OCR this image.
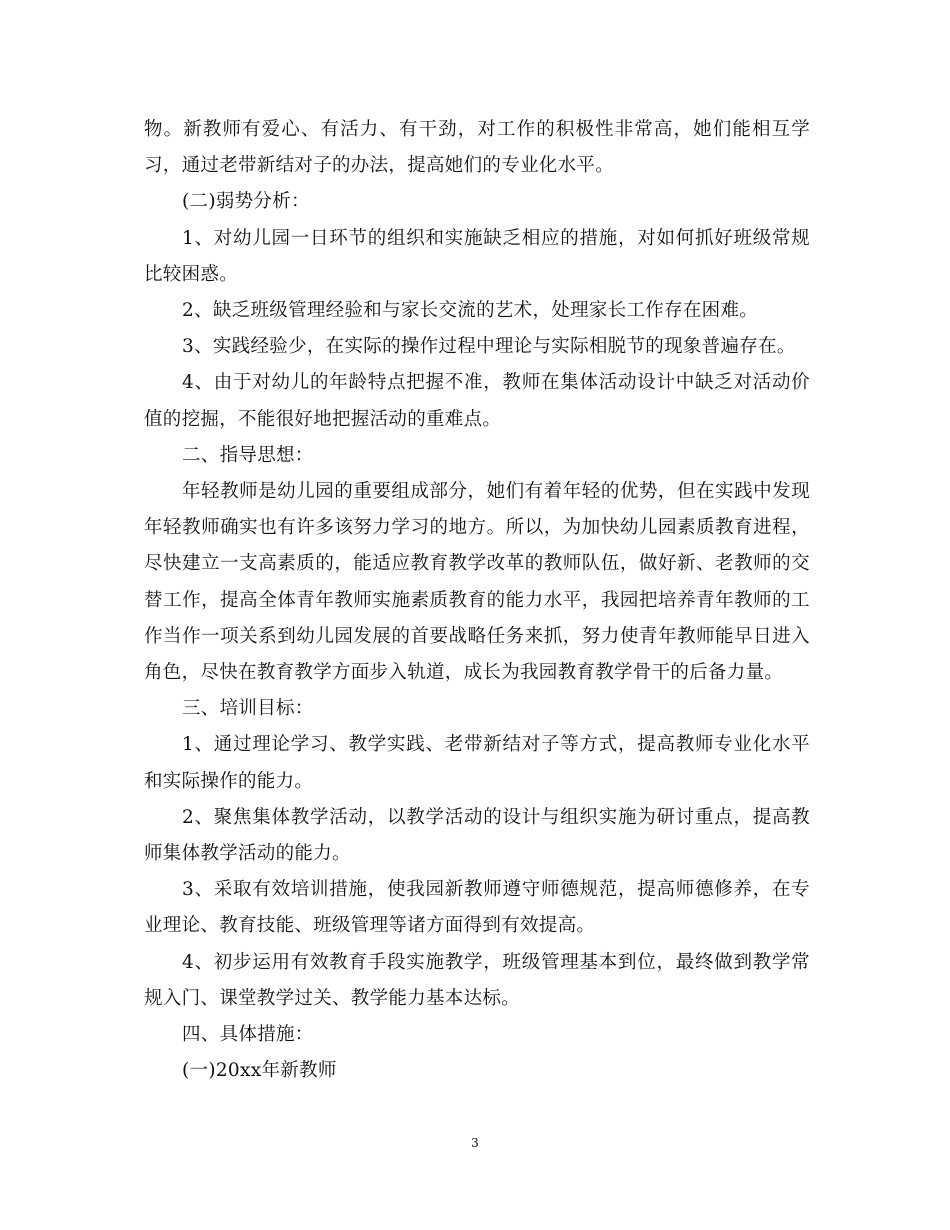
物。新教师有爱心、有活力、有干劲，对工作的积极性非常高，她们能相互学习，通过老带新结对子的办法，提高她们的专业化水平。

(二)弱势分析：

1、对幼儿园一日环节的组织和实施缺乏相应的措施，对如何抓好班级常规比较困惑。

2、缺乏班级管理经验和与家长交流的艺术，处理家长工作存在困难。

3、实践经验少，在实际的操作过程中理论与实际相脱节的现象普遍存在。

4、由于对幼儿的年龄特点把握不准，教师在集体活动设计中缺乏对活动价值的挖掘，不能很好地把握活动的重难点。

二、指导思想：

年轻教师是幼儿园的重要组成部分，她们有着年轻的优势，但在实践中发现年轻教师确实也有许多该努力学习的地方。所以，为加快幼儿园素质教育进程，尽快建立一支高素质的，能适应教育教学改革的教师队伍，做好新、老教师的交替工作，提高全体青年教师实施素质教育的能力水平，我园把培养青年教师的工作当作一项关系到幼儿园发展的首要战略任务来抓，努力使青年教师能早日进入角色，尽快在教育教学方面步入轨道，成长为我园教育教学骨干的后备力量。

三、培训目标：

1、通过理论学习、教学实践、老带新结对子等方式，提高教师专业化水平和实际操作的能力。

2、聚焦集体教学活动，以教学活动的设计与组织实施为研讨重点，提高教师集体教学活动的能力。

3、采取有效培训措施，使我园新教师遵守师德规范，提高师德修养，在专业理论、教育技能、班级管理等诸方面得到有效提高。

4、初步运用有效教育手段实施教学，班级管理基本到位，最终做到教学常规入门、课堂教学过关、教学能力基本达标。

四、具体措施：

(一)20xx年新教师

3
